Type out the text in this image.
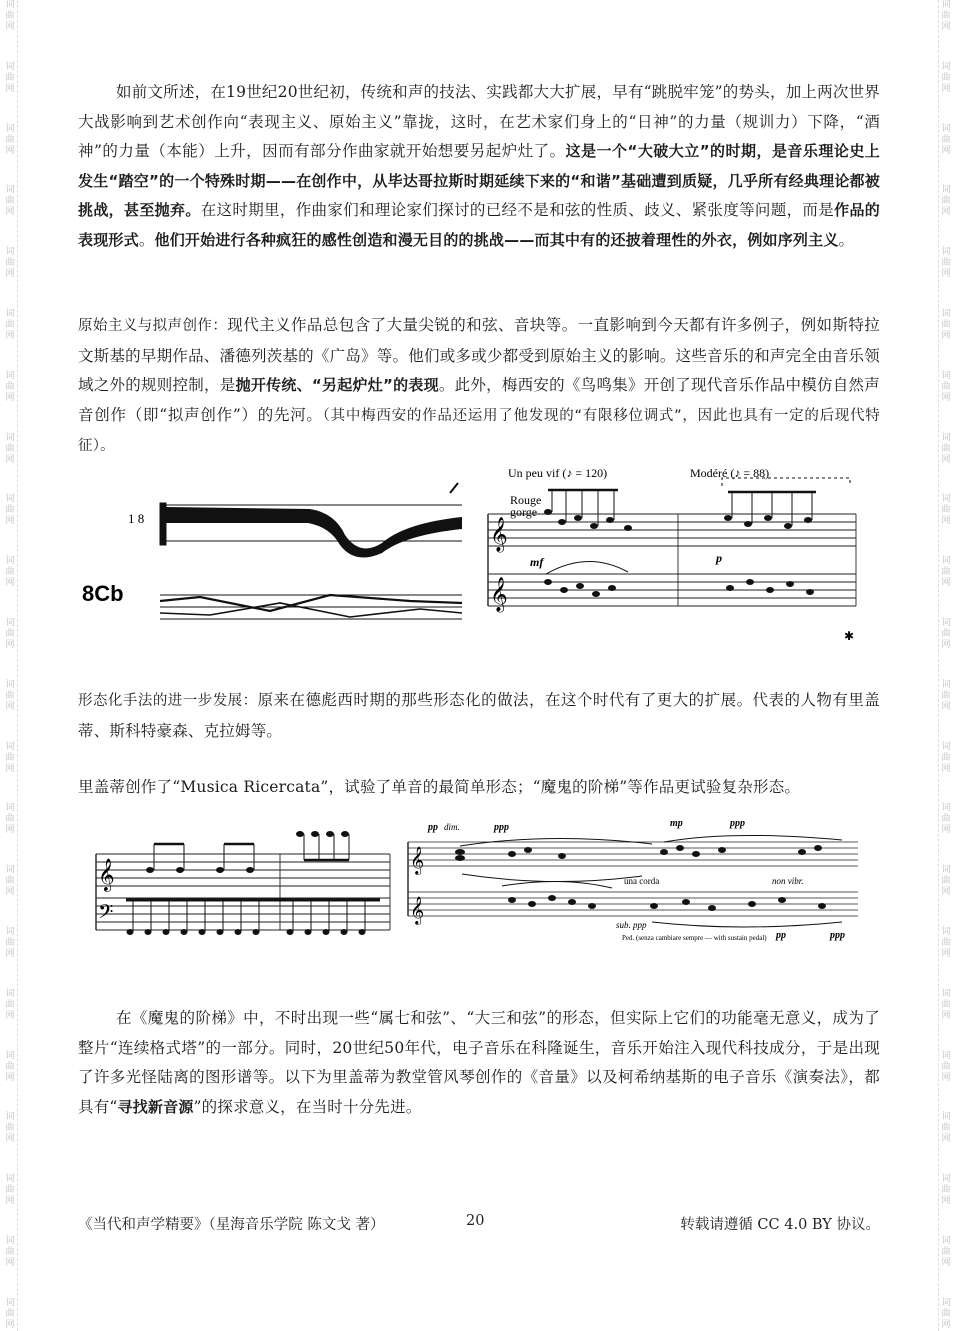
词
曲
网
词
曲
网
词
曲
网
词
曲
网
词
曲
网
词
曲
网
词
曲
网
词
曲
网
词
曲
网
词
曲
网
词
曲
网
词
曲
网
词
曲
网
词
曲
网
词
曲
网
词
曲
网
词
曲
网
词
曲
网
词
曲
网
词
曲
网
词
曲
网
词
曲
网
词
曲
网
词
曲
网
词
曲
网
词
曲
网
词
曲
网
词
曲
网
词
曲
网
词
曲
网
词
曲
网
词
曲
网
词
曲
网
词
曲
网
词
曲
网
词
曲
网
词
曲
网
词
曲
网
词
曲
网
词
曲
网
词
曲
网
词
曲
网
词
曲
网
词
曲
网
如前文所述，在19世纪20世纪初，传统和声的技法、实践都大大扩展，早有“跳脱牢笼”的势头，加上两次世界大战影响到艺术创作向“表现主义、原始主义”靠拢，这时，在艺术家们身上的“日神”的力量（规训力）下降，“酒神”的力量（本能）上升，因而有部分作曲家就开始想要另起炉灶了。这是一个“大破大立”的时期，是音乐理论史上发生“踏空”的一个特殊时期——在创作中，从毕达哥拉斯时期延续下来的“和谐”基础遭到质疑，几乎所有经典理论都被挑战，甚至抛弃。在这时期里，作曲家们和理论家们探讨的已经不是和弦的性质、歧义、紧张度等问题，而是作品的表现形式。他们开始进行各种疯狂的感性创造和漫无目的的挑战——而其中有的还披着理性的外衣，例如序列主义。
原始主义与拟声创作：现代主义作品总包含了大量尖锐的和弦、音块等。一直影响到今天都有许多例子，例如斯特拉文斯基的早期作品、潘德列茨基的《广岛》等。他们或多或少都受到原始主义的影响。这些音乐的和声完全由音乐领域之外的规则控制，是抛开传统、“另起炉灶”的表现。此外，梅西安的《鸟鸣集》开创了现代音乐作品中模仿自然声音创作（即“拟声创作”）的先河。（其中梅西安的作品还运用了他发现的“有限移位调式”，因此也具有一定的后现代特征）。
1 8
8Cb
Un peu vif (♪ = 120)	Modéré (♪ = 88)
Rouge
gorge
𝄞
𝄞
mf	p
✱
形态化手法的进一步发展：原来在德彪西时期的那些形态化的做法，在这个时代有了更大的扩展。代表的人物有里盖蒂、斯科特豪森、克拉姆等。
里盖蒂创作了“Musica Ricercata”，试验了单音的最简单形态；“魔鬼的阶梯”等作品更试验复杂形态。
𝄞
𝄢
pp dim.	ppp	mp	ppp
una corda	non vibr.
sub. ppp
Ped. (senza cambiare sempre — with sustain pedal) pp	ppp
𝄞
𝄞
在《魔鬼的阶梯》中，不时出现一些“属七和弦”、“大三和弦”的形态，但实际上它们的功能毫无意义，成为了整片“连续格式塔”的一部分。同时，20世纪50年代，电子音乐在科隆诞生，音乐开始注入现代科技成分，于是出现了许多光怪陆离的图形谱等。以下为里盖蒂为教堂管风琴创作的《音量》以及柯希纳基斯的电子音乐《演奏法》，都具有“寻找新音源”的探求意义，在当时十分先进。
《当代和声学精要》（星海音乐学院 陈文戈 著）	20	转载请遵循 CC 4.0 BY 协议。
